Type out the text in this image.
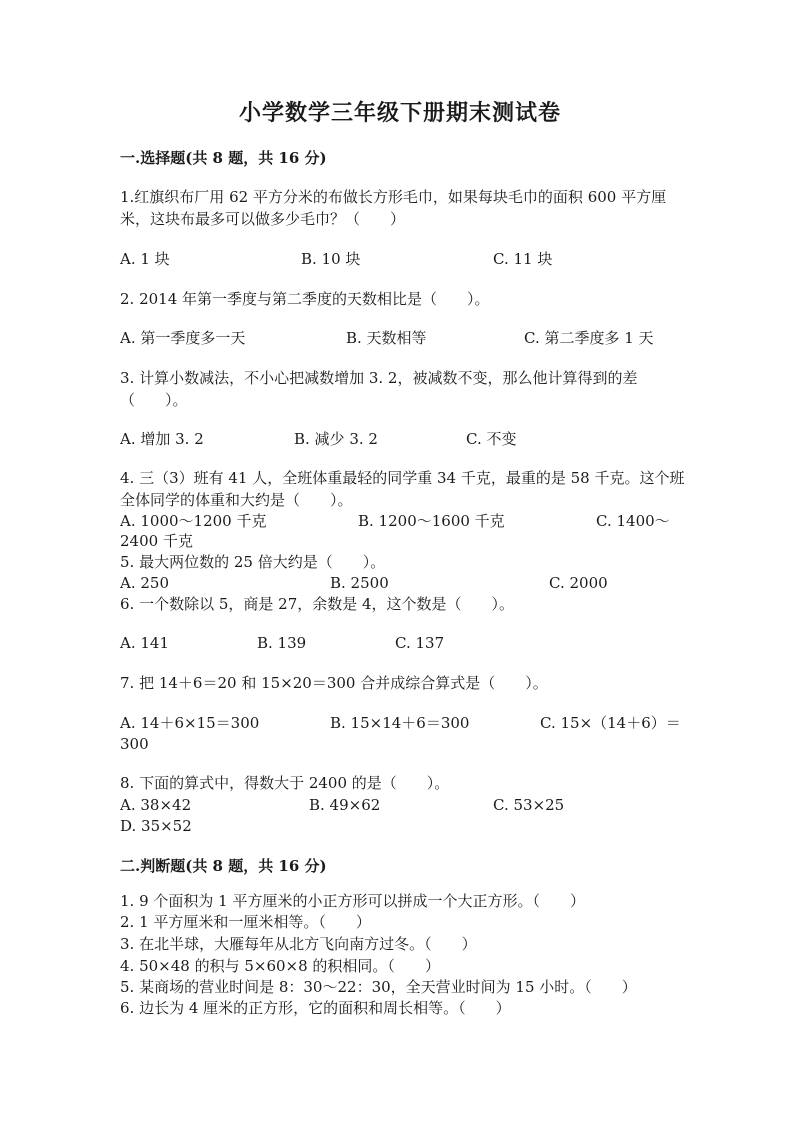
小学数学三年级下册期末测试卷
一.选择题(共 8 题，共 16 分)
1.红旗织布厂用 62 平方分米的布做长方形毛巾，如果每块毛巾的面积 600 平方厘米，这块布最多可以做多少毛巾？（　　）
A. 1 块	B. 10 块	C. 11 块
2. 2014 年第一季度与第二季度的天数相比是（　　）。
A. 第一季度多一天	B. 天数相等	C. 第二季度多 1 天
3. 计算小数减法，不小心把减数增加 3. 2，被减数不变，那么他计算得到的差（　　）。
A. 增加 3. 2	B. 减少 3. 2	C. 不变
4. 三（3）班有 41 人，全班体重最轻的同学重 34 千克，最重的是 58 千克。这个班全体同学的体重和大约是（　　）。
A. 1000～1200 千克	B. 1200～1600 千克	C. 1400～
2400 千克
5. 最大两位数的 25 倍大约是（　　）。
A. 250	B. 2500	C. 2000
6. 一个数除以 5，商是 27，余数是 4，这个数是（　　）。
A. 141	B. 139	C. 137
7. 把 14＋6＝20 和 15×20＝300 合并成综合算式是（　　）。
A. 14＋6×15＝300	B. 15×14＋6＝300	C. 15×（14＋6）＝
300
8. 下面的算式中，得数大于 2400 的是（　　）。
A. 38×42	B. 49×62	C. 53×25
D. 35×52
二.判断题(共 8 题，共 16 分)
1. 9 个面积为 1 平方厘米的小正方形可以拼成一个大正方形。（　　）
2. 1 平方厘米和一厘米相等。（　　）
3. 在北半球，大雁每年从北方飞向南方过冬。（　　）
4. 50×48 的积与 5×60×8 的积相同。（　　）
5. 某商场的营业时间是 8：30～22：30，全天营业时间为 15 小时。（　　）
6. 边长为 4 厘米的正方形，它的面积和周长相等。（　　）
